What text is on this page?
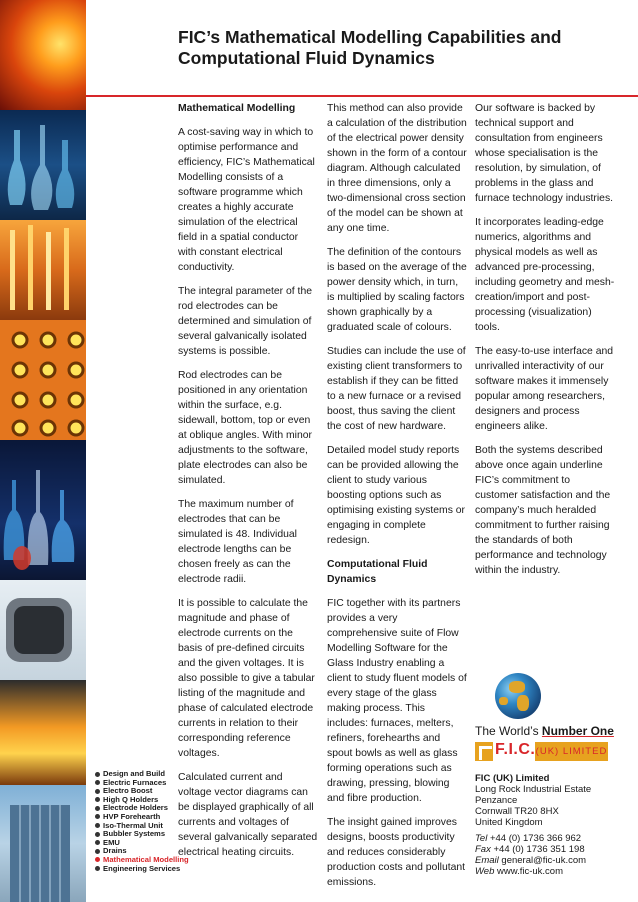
FIC’s Mathematical Modelling Capabilities and
Computational Fluid Dynamics
Mathematical Modelling

A cost-saving way in which to optimise performance and efficiency, FIC’s Mathematical Modelling consists of a software programme which creates a highly accurate simulation of the electrical field in a spatial conductor with constant electrical conductivity.

The integral parameter of the rod electrodes can be determined and simulation of several galvanically isolated systems is possible.

Rod electrodes can be positioned in any orientation within the surface, e.g. sidewall, bottom, top or even at oblique angles. With minor adjustments to the software, plate electrodes can also be simulated.

The maximum number of electrodes that can be simulated is 48. Individual electrode lengths can be chosen freely as can the electrode radii.

It is possible to calculate the magnitude and phase of electrode currents on the basis of pre-defined circuits and the given voltages. It is also possible to give a tabular listing of the magnitude and phase of calculated electrode currents in relation to their corresponding reference voltages.

Calculated current and voltage vector diagrams can be displayed graphically of all currents and voltages of several galvanically separated electrical heating circuits.

This method can also provide a calculation of the distribution of the electrical power density shown in the form of a contour diagram. Although calculated in three dimensions, only a two-dimensional cross section of the model can be shown at any one time.

The definition of the contours is based on the average of the power density which, in turn, is multiplied by scaling factors shown graphically by a graduated scale of colours.

Studies can include the use of existing client transformers to establish if they can be fitted to a new furnace or a revised boost, thus saving the client the cost of new hardware.

Detailed model study reports can be provided allowing the client to study various boosting options such as optimising existing systems or engaging in complete redesign.

Computational Fluid Dynamics

FIC together with its partners provides a very comprehensive suite of Flow Modelling Software for the Glass Industry enabling a client to study fluent models of every stage of the glass making process. This includes: furnaces, melters, refiners, forehearths and spout bowls as well as glass forming operations such as drawing, pressing, blowing and fibre production.

The insight gained improves designs, boosts productivity and reduces considerably production costs and pollutant emissions.

Our software is backed by technical support and consultation from engineers whose specialisation is the resolution, by simulation, of problems in the glass and furnace technology industries.

It incorporates leading-edge numerics, algorithms and physical models as well as advanced pre-processing, including geometry and mesh-creation/import and post-processing (visualization) tools.

The easy-to-use interface and unrivalled interactivity of our software makes it immensely popular among researchers, designers and process engineers alike.

Both the systems described above once again underline FIC’s commitment to customer satisfaction and the company’s much heralded commitment to further raising the standards of both performance and technology within the industry.

Design and Build
Electric Furnaces
Electro Boost
High Q Holders
Electrode Holders
HVP Forehearth
Iso-Thermal Unit
Bubbler Systems
EMU
Drains
Mathematical Modelling
Engineering Services
The World’s Number One
F.I.C. (UK) LIMITED
FIC (UK) Limited
Long Rock Industrial Estate
Penzance
Cornwall TR20 8HX
United Kingdom
Tel +44 (0) 1736 366 962
Fax +44 (0) 1736 351 198
Email general@fic-uk.com
Web www.fic-uk.com
